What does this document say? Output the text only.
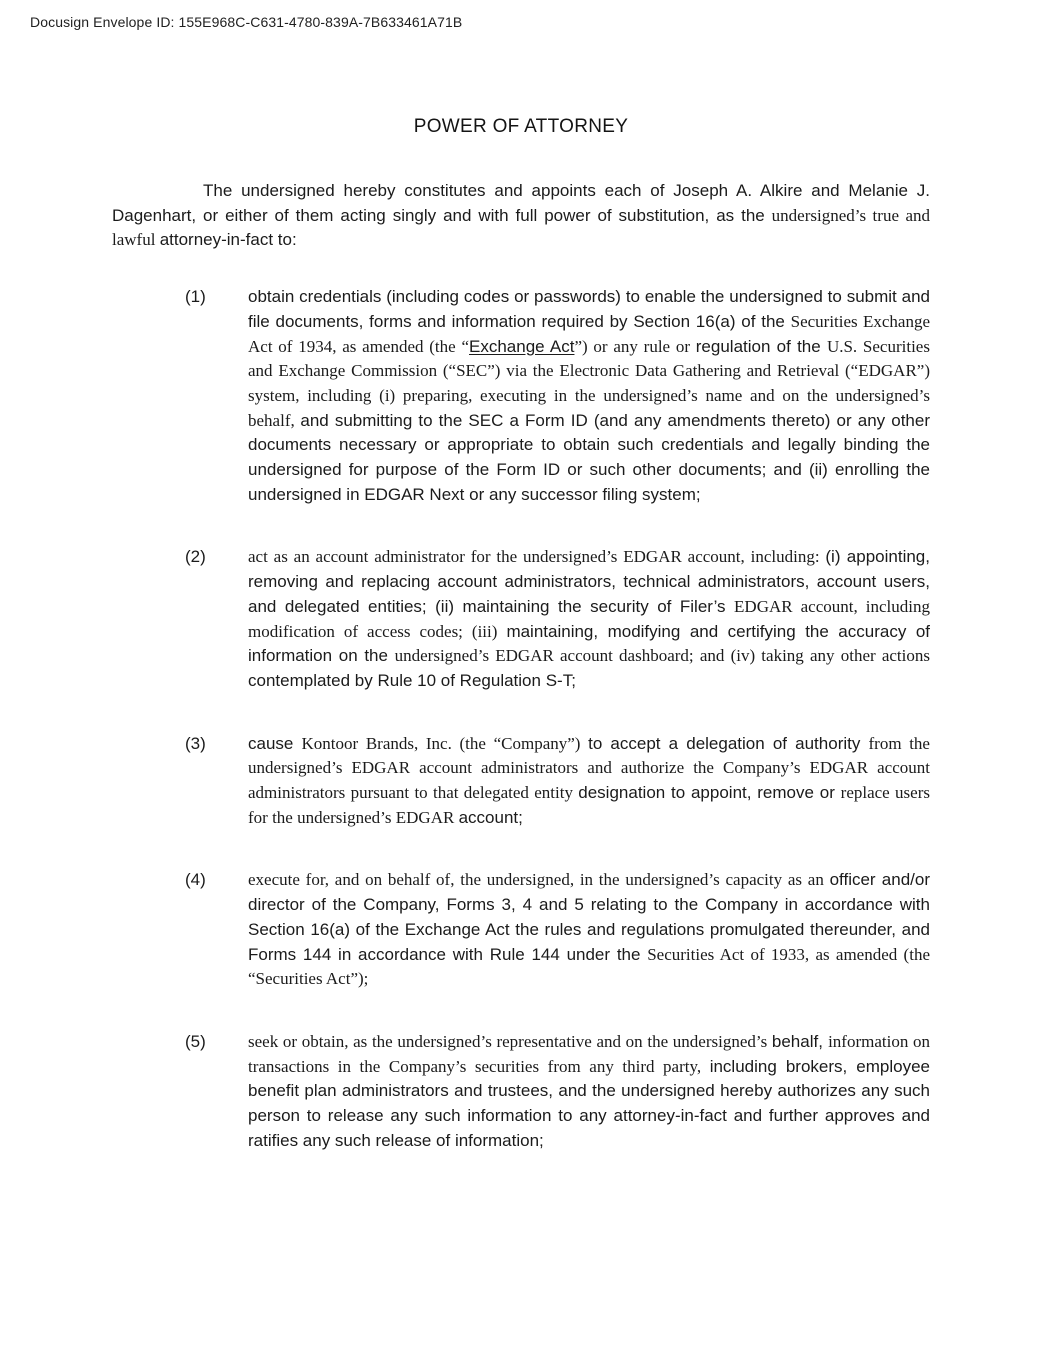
Docusign Envelope ID: 155E968C-C631-4780-839A-7B633461A71B
POWER OF ATTORNEY

The undersigned hereby constitutes and appoints each of Joseph A. Alkire and Melanie J. Dagenhart, or either of them acting singly and with full power of substitution, as the undersigned’s true and lawful attorney-in-fact to:

(1)	obtain credentials (including codes or passwords) to enable the undersigned to submit and file documents, forms and information required by Section 16(a) of the Securities Exchange Act of 1934, as amended (the “Exchange Act”) or any rule or regulation of the U.S. Securities and Exchange Commission (“SEC”) via the Electronic Data Gathering and Retrieval (“EDGAR”) system, including (i) preparing, executing in the undersigned’s name and on the undersigned’s behalf, and submitting to the SEC a Form ID (and any amendments thereto) or any other documents necessary or appropriate to obtain such credentials and legally binding the undersigned for purpose of the Form ID or such other documents; and (ii) enrolling the undersigned in EDGAR Next or any successor filing system;
(2)	act as an account administrator for the undersigned’s EDGAR account, including: (i) appointing, removing and replacing account administrators, technical administrators, account users, and delegated entities; (ii) maintaining the security of Filer’s EDGAR account, including modification of access codes; (iii) maintaining, modifying and certifying the accuracy of information on the undersigned’s EDGAR account dashboard; and (iv) taking any other actions contemplated by Rule 10 of Regulation S-T;
(3)	cause Kontoor Brands, Inc. (the “Company”) to accept a delegation of authority from the undersigned’s EDGAR account administrators and authorize the Company’s EDGAR account administrators pursuant to that delegated entity designation to appoint, remove or replace users for the undersigned’s EDGAR account;
(4)	execute for, and on behalf of, the undersigned, in the undersigned’s capacity as an officer and/or director of the Company, Forms 3, 4 and 5 relating to the Company in accordance with Section 16(a) of the Exchange Act the rules and regulations promulgated thereunder, and Forms 144 in accordance with Rule 144 under the Securities Act of 1933, as amended (the “Securities Act”);
(5)	seek or obtain, as the undersigned’s representative and on the undersigned’s behalf, information on transactions in the Company’s securities from any third party, including brokers, employee benefit plan administrators and trustees, and the undersigned hereby authorizes any such person to release any such information to any attorney-in-fact and further approves and ratifies any such release of information;
